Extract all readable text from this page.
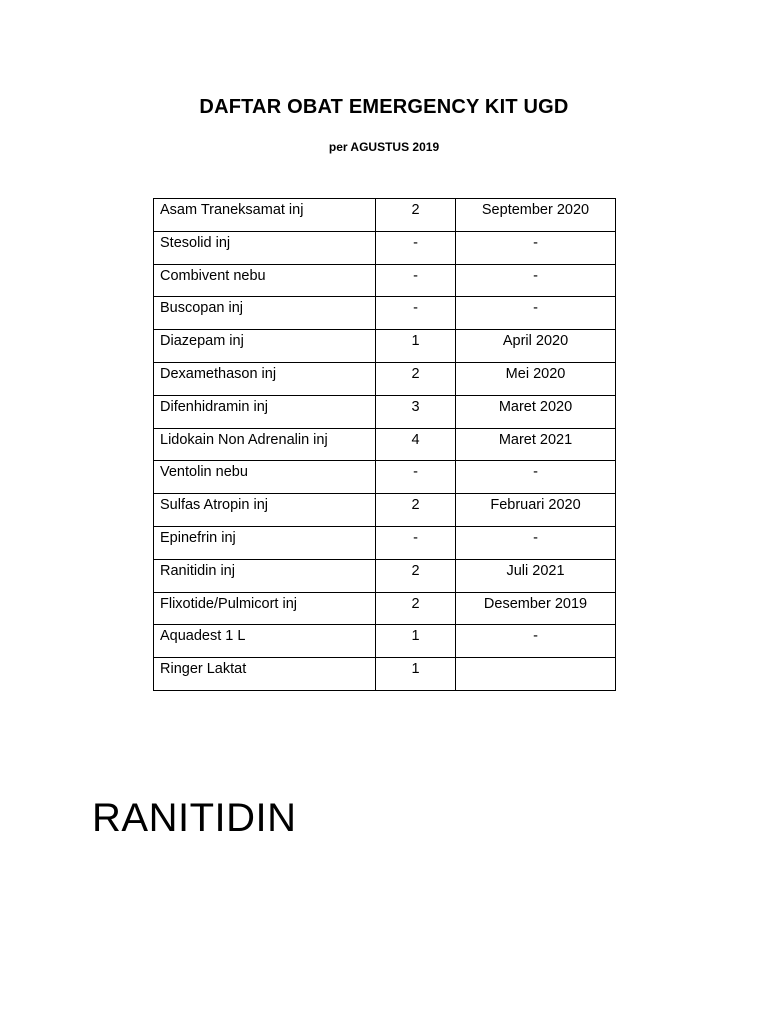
DAFTAR OBAT EMERGENCY KIT UGD
per AGUSTUS 2019
Asam Traneksamat inj	2	September 2020
Stesolid inj	-	-
Combivent nebu	-	-
Buscopan inj	-	-
Diazepam inj	1	April 2020
Dexamethason inj	2	Mei 2020
Difenhidramin inj	3	Maret 2020
Lidokain Non Adrenalin inj	4	Maret 2021
Ventolin nebu	-	-
Sulfas Atropin inj	2	Februari 2020
Epinefrin inj	-	-
Ranitidin inj	2	Juli 2021
Flixotide/Pulmicort inj	2	Desember 2019
Aquadest 1 L	1	-
Ringer Laktat	1	
RANITIDIN
